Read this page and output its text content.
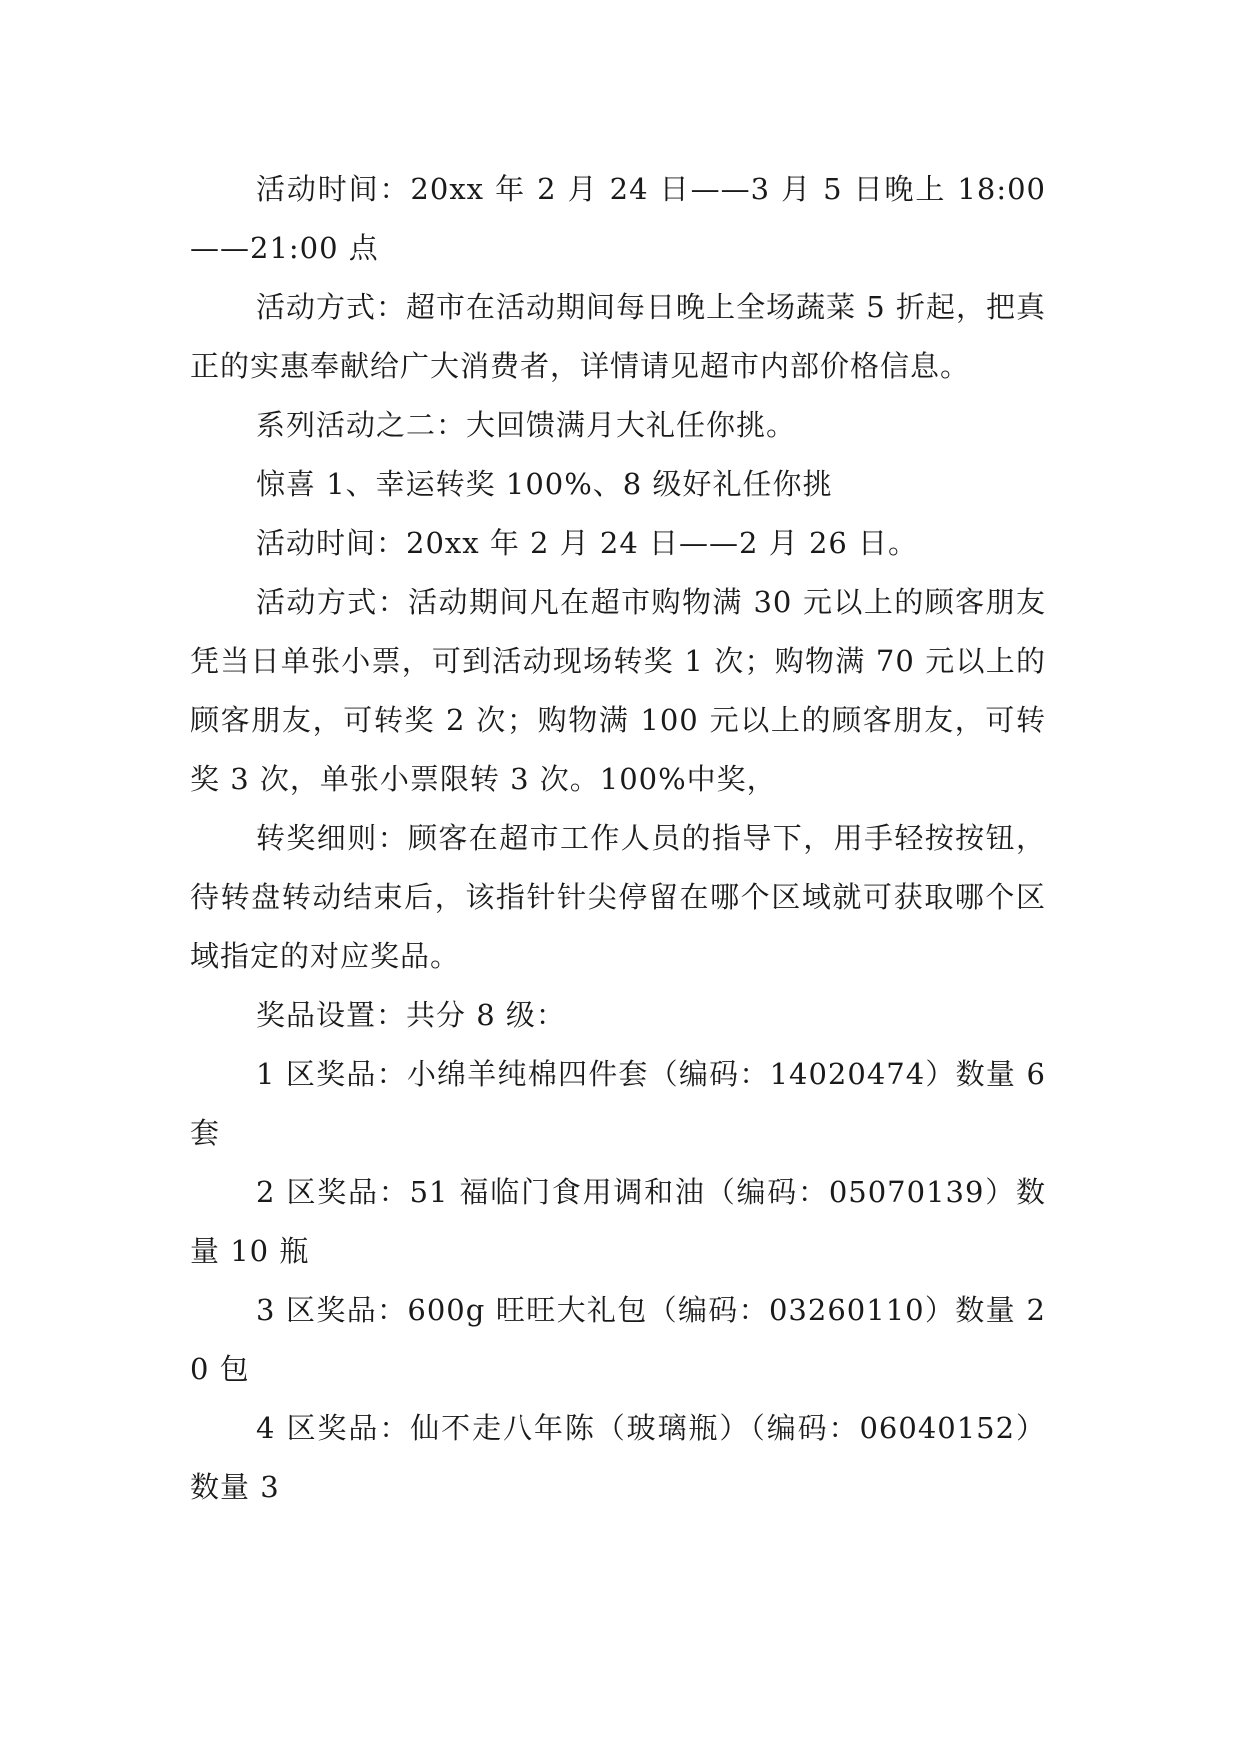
活动时间：20xx 年 2 月 24 日——3 月 5 日晚上 18:00——21:00 点

活动方式：超市在活动期间每日晚上全场蔬菜 5 折起，把真正的实惠奉献给广大消费者，详情请见超市内部价格信息。

系列活动之二：大回馈满月大礼任你挑。

惊喜 1、幸运转奖 100%、8 级好礼任你挑

活动时间：20xx 年 2 月 24 日——2 月 26 日。

活动方式：活动期间凡在超市购物满 30 元以上的顾客朋友凭当日单张小票，可到活动现场转奖 1 次；购物满 70 元以上的顾客朋友，可转奖 2 次；购物满 100 元以上的顾客朋友，可转奖 3 次，单张小票限转 3 次。100%中奖，

转奖细则：顾客在超市工作人员的指导下，用手轻按按钮，待转盘转动结束后，该指针针尖停留在哪个区域就可获取哪个区域指定的对应奖品。

奖品设置：共分 8 级：

1 区奖品：小绵羊纯棉四件套（编码：14020474）数量 6 套

2 区奖品：51 福临门食用调和油（编码：05070139）数量 10 瓶

3 区奖品：600g 旺旺大礼包（编码：03260110）数量 20 包

4 区奖品：仙不走八年陈（玻璃瓶）（编码：06040152）数量 3
